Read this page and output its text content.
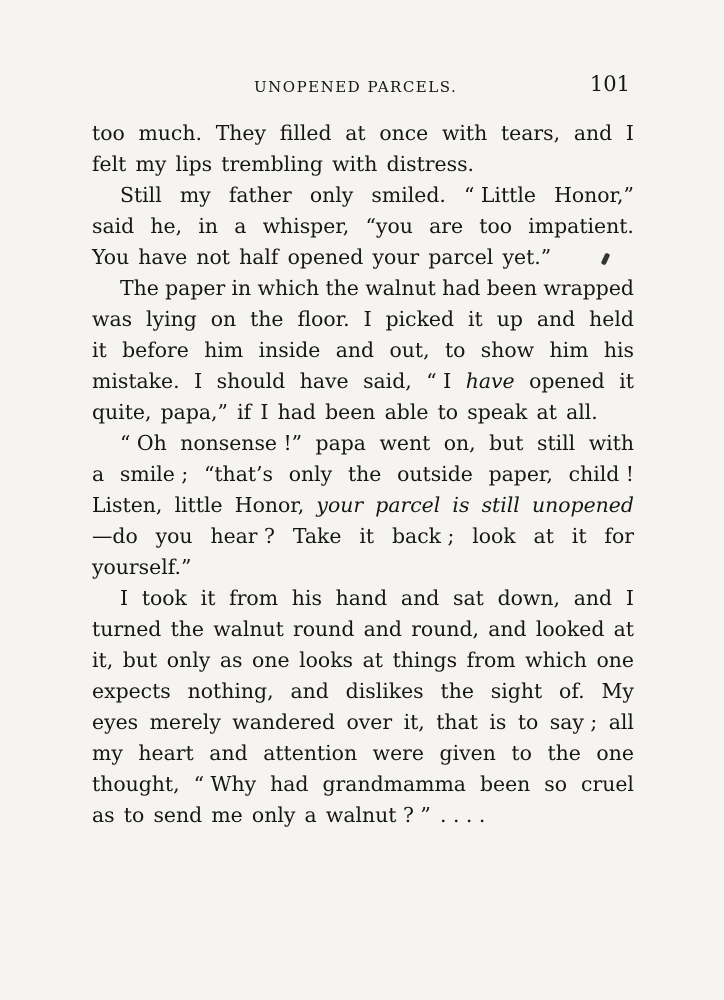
UNOPENED PARCELS.	101
too much. They filled at once with tears, and I
felt my lips trembling with distress.
Still my father only smiled. “ Little Honor,”
said he, in a whisper, “you are too impatient.
You have not half opened your parcel yet.”
The paper in which the walnut had been wrapped
was lying on the floor. I picked it up and held
it before him inside and out, to show him his
mistake. I should have said, “ I have opened it
quite, papa,” if I had been able to speak at all.
“ Oh nonsense !” papa went on, but still with
a smile ; “that’s only the outside paper, child !
Listen, little Honor, your parcel is still unopened
—do you hear ? Take it back ; look at it for
yourself.”
I took it from his hand and sat down, and I
turned the walnut round and round, and looked at
it, but only as one looks at things from which one
expects nothing, and dislikes the sight of. My
eyes merely wandered over it, that is to say ; all
my heart and attention were given to the one
thought, “ Why had grandmamma been so cruel
as to send me only a walnut ? ” . . . .
